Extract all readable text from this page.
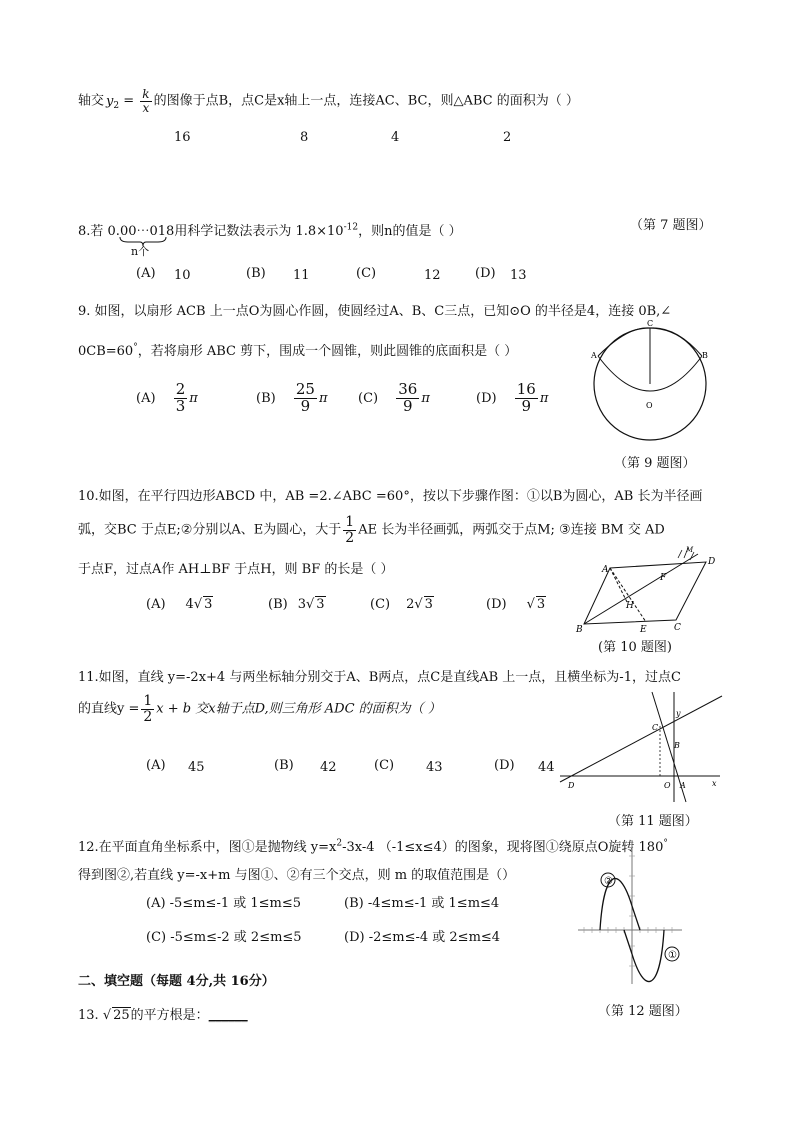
轴交 $y_2 = \frac{k}{x}$ 的图像于点B，点C是x轴上一点，连接AC、BC，则△ABC 的面积为（ ）
16	8	4	2
（第 7 题图）
8.若 0.00⋯018用科学记数法表示为 $1.8\times 10^{-12}$，则n的值是（ ）
n个
(A) 10	(B) 11	(C)	12	(D) 13
9. 如图，以扇形 ACB 上一点O为圆心作圆，使圆经过A、B、C三点，已知⊙O 的半径是4，连接 0B,∠
0CB=60°，若将扇形 ABC 剪下，围成一个圆锥，则此圆锥的底面积是（ ）
$(A) \frac{2}{3}$ π	$(B) \frac{25}{9}$ π $(C) \frac{36}{9}$ π	$(D) \frac{16}{9}$ π
C
A	B
O
（第 9 题图）
10.如图，在平行四边形ABCD 中，AB =2.∠ABC =60°，按以下步骤作图：①以B为圆心，AB 长为半径画
弧，交BC 于点E;②分别以A、E为圆心，大于 $\frac{1}{2}$ AE 长为半径画弧，两弧交于点M; ③连接 BM 交 AD
于点F，过点A作 AH⊥BF 于点H，则 BF 的长是（ ）
(A) 4√ 3	(B) 3√ 3	(C) 2√ 3	(D) √ 3
A
B	C
D
E
F
H
M
(第 10 题图)
11.如图，直线 y=-2x+4 与两坐标轴分别交于A、B两点，点C是直线AB 上一点，且横坐标为-1，过点C
的直线$y = \frac{1}{2}$ x + b 交x轴于点D,则三角形 ADC 的面积为（ ）
(A) 45	(B) 42	(C) 43	(D) 44
C
B
y
D	O A	x
（第 11 题图）
12.在平面直角坐标系中，图①是抛物线 $y=x^2-3x-4$ （-1≤x≤4）的图象，现将图①绕原点O旋转 180°
得到图②,若直线 y=-x+m 与图①、②有三个交点，则 m 的取值范围是（）
(A) -5≤m≤-1 或 1≤m≤5	(B) -4≤m≤-1 或 1≤m≤4
(C) -5≤m≤-2 或 2≤m≤5	(D) -2≤m≤-4 或 2≤m≤4
②
①
（第 12 题图）
二、填空题（每题 4分,共 16分）
13. √ 25的平方根是：______
